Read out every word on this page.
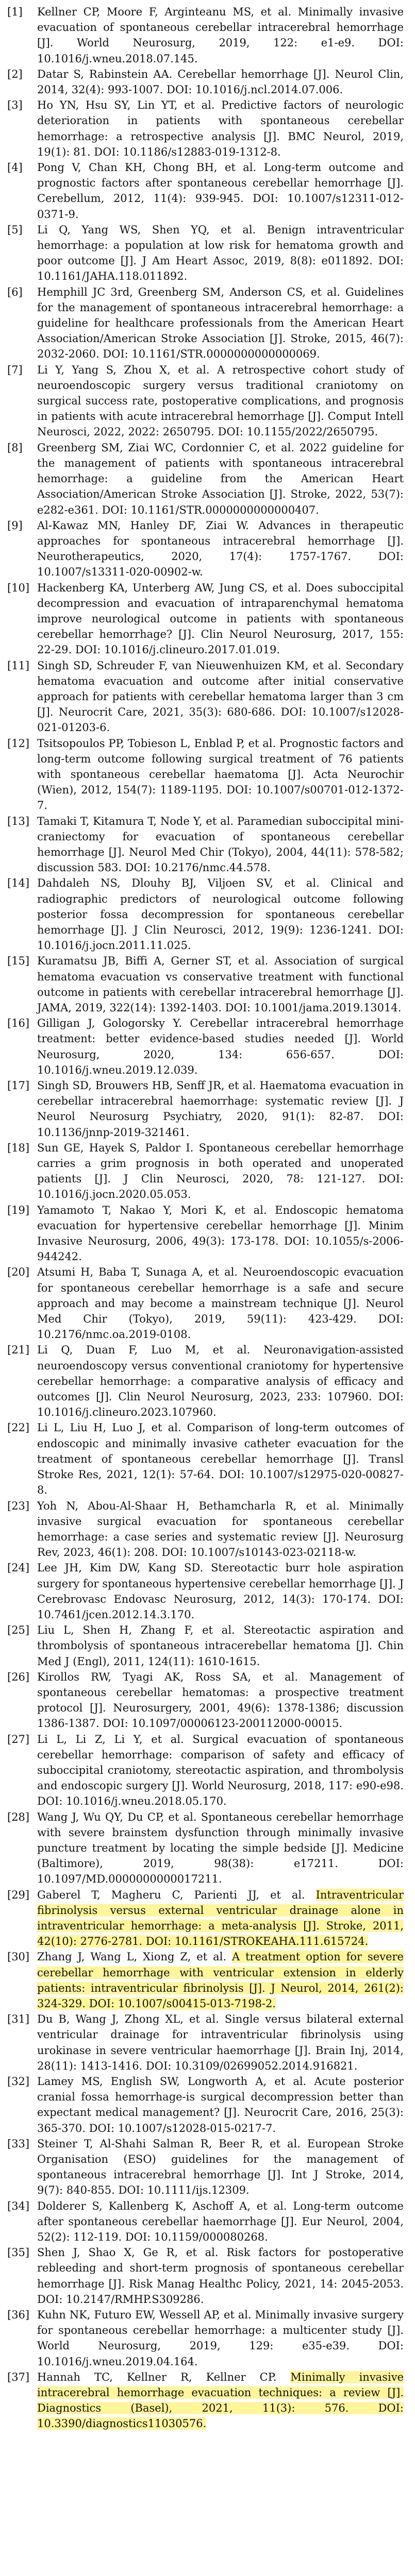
[1]	Kellner CP, Moore F, Arginteanu MS, et al. Minimally invasive evacuation of spontaneous cerebellar intracerebral hemorrhage [J]. World Neurosurg, 2019, 122: e1-e9. DOI: 10.1016/j.wneu.2018.07.145.
[2]	Datar S, Rabinstein AA. Cerebellar hemorrhage [J]. Neurol Clin, 2014, 32(4): 993-1007. DOI: 10.1016/j.ncl.2014.07.006.
[3]	Ho YN, Hsu SY, Lin YT, et al. Predictive factors of neurologic deterioration in patients with spontaneous cerebellar hemorrhage: a retrospective analysis [J]. BMC Neurol, 2019, 19(1): 81. DOI: 10.1186/s12883-019-1312-8.
[4]	Pong V, Chan KH, Chong BH, et al. Long-term outcome and prognostic factors after spontaneous cerebellar hemorrhage [J]. Cerebellum, 2012, 11(4): 939-945. DOI: 10.1007/s12311-012-0371-9.
[5]	Li Q, Yang WS, Shen YQ, et al. Benign intraventricular hemorrhage: a population at low risk for hematoma growth and poor outcome [J]. J Am Heart Assoc, 2019, 8(8): e011892. DOI: 10.1161/JAHA.118.011892.
[6]	Hemphill JC 3rd, Greenberg SM, Anderson CS, et al. Guidelines for the management of spontaneous intracerebral hemorrhage: a guideline for healthcare professionals from the American Heart Association/American Stroke Association [J]. Stroke, 2015, 46(7): 2032-2060. DOI: 10.1161/STR.0000000000000069.
[7]	Li Y, Yang S, Zhou X, et al. A retrospective cohort study of neuroendoscopic surgery versus traditional craniotomy on surgical success rate, postoperative complications, and prognosis in patients with acute intracerebral hemorrhage [J]. Comput Intell Neurosci, 2022, 2022: 2650795. DOI: 10.1155/2022/2650795.
[8]	Greenberg SM, Ziai WC, Cordonnier C, et al. 2022 guideline for the management of patients with spontaneous intracerebral hemorrhage: a guideline from the American Heart Association/American Stroke Association [J]. Stroke, 2022, 53(7): e282-e361. DOI: 10.1161/STR.0000000000000407.
[9]	Al-Kawaz MN, Hanley DF, Ziai W. Advances in therapeutic approaches for spontaneous intracerebral hemorrhage [J]. Neurotherapeutics, 2020, 17(4): 1757-1767. DOI: 10.1007/s13311-020-00902-w.
[10] Hackenberg KA, Unterberg AW, Jung CS, et al. Does suboccipital decompression and evacuation of intraparenchymal hematoma improve neurological outcome in patients with spontaneous cerebellar hemorrhage? [J]. Clin Neurol Neurosurg, 2017, 155: 22-29. DOI: 10.1016/j.clineuro.2017.01.019.
[11] Singh SD, Schreuder F, van Nieuwenhuizen KM, et al. Secondary hematoma evacuation and outcome after initial conservative approach for patients with cerebellar hematoma larger than 3 cm [J]. Neurocrit Care, 2021, 35(3): 680-686. DOI: 10.1007/s12028-021-01203-6.
[12] Tsitsopoulos PP, Tobieson L, Enblad P, et al. Prognostic factors and long-term outcome following surgical treatment of 76 patients with spontaneous cerebellar haematoma [J]. Acta Neurochir (Wien), 2012, 154(7): 1189-1195. DOI: 10.1007/s00701-012-1372-7.
[13] Tamaki T, Kitamura T, Node Y, et al. Paramedian suboccipital mini-craniectomy for evacuation of spontaneous cerebellar hemorrhage [J]. Neurol Med Chir (Tokyo), 2004, 44(11): 578-582; discussion 583. DOI: 10.2176/nmc.44.578.
[14] Dahdaleh NS, Dlouhy BJ, Viljoen SV, et al. Clinical and radiographic predictors of neurological outcome following posterior fossa decompression for spontaneous cerebellar hemorrhage [J]. J Clin Neurosci, 2012, 19(9): 1236-1241. DOI: 10.1016/j.jocn.2011.11.025.
[15] Kuramatsu JB, Biffi A, Gerner ST, et al. Association of surgical hematoma evacuation vs conservative treatment with functional outcome in patients with cerebellar intracerebral hemorrhage [J]. JAMA, 2019, 322(14): 1392-1403. DOI: 10.1001/jama.2019.13014.
[16] Gilligan J, Gologorsky Y. Cerebellar intracerebral hemorrhage treatment: better evidence-based studies needed [J]. World Neurosurg, 2020, 134: 656-657. DOI: 10.1016/j.wneu.2019.12.039.
[17] Singh SD, Brouwers HB, Senff JR, et al. Haematoma evacuation in cerebellar intracerebral haemorrhage: systematic review [J]. J Neurol Neurosurg Psychiatry, 2020, 91(1): 82-87. DOI: 10.1136/jnnp-2019-321461.
[18] Sun GE, Hayek S, Paldor I. Spontaneous cerebellar hemorrhage carries a grim prognosis in both operated and unoperated patients [J]. J Clin Neurosci, 2020, 78: 121-127. DOI: 10.1016/j.jocn.2020.05.053.
[19] Yamamoto T, Nakao Y, Mori K, et al. Endoscopic hematoma evacuation for hypertensive cerebellar hemorrhage [J]. Minim Invasive Neurosurg, 2006, 49(3): 173-178. DOI: 10.1055/s-2006-944242.
[20] Atsumi H, Baba T, Sunaga A, et al. Neuroendoscopic evacuation for spontaneous cerebellar hemorrhage is a safe and secure approach and may become a mainstream technique [J]. Neurol Med Chir (Tokyo), 2019, 59(11): 423-429. DOI: 10.2176/nmc.oa.2019-0108.
[21] Li Q, Duan F, Luo M, et al. Neuronavigation-assisted neuroendoscopy versus conventional craniotomy for hypertensive cerebellar hemorrhage: a comparative analysis of efficacy and outcomes [J]. Clin Neurol Neurosurg, 2023, 233: 107960. DOI: 10.1016/j.clineuro.2023.107960.
[22] Li L, Liu H, Luo J, et al. Comparison of long-term outcomes of endoscopic and minimally invasive catheter evacuation for the treatment of spontaneous cerebellar hemorrhage [J]. Transl Stroke Res, 2021, 12(1): 57-64. DOI: 10.1007/s12975-020-00827-8.
[23] Yoh N, Abou-Al-Shaar H, Bethamcharla R, et al. Minimally invasive surgical evacuation for spontaneous cerebellar hemorrhage: a case series and systematic review [J]. Neurosurg Rev, 2023, 46(1): 208. DOI: 10.1007/s10143-023-02118-w.
[24] Lee JH, Kim DW, Kang SD. Stereotactic burr hole aspiration surgery for spontaneous hypertensive cerebellar hemorrhage [J]. J Cerebrovasc Endovasc Neurosurg, 2012, 14(3): 170-174. DOI: 10.7461/jcen.2012.14.3.170.
[25] Liu L, Shen H, Zhang F, et al. Stereotactic aspiration and thrombolysis of spontaneous intracerebellar hematoma [J]. Chin Med J (Engl), 2011, 124(11): 1610-1615.
[26] Kirollos RW, Tyagi AK, Ross SA, et al. Management of spontaneous cerebellar hematomas: a prospective treatment protocol [J]. Neurosurgery, 2001, 49(6): 1378-1386; discussion 1386-1387. DOI: 10.1097/00006123-200112000-00015.
[27] Li L, Li Z, Li Y, et al. Surgical evacuation of spontaneous cerebellar hemorrhage: comparison of safety and efficacy of suboccipital craniotomy, stereotactic aspiration, and thrombolysis and endoscopic surgery [J]. World Neurosurg, 2018, 117: e90-e98. DOI: 10.1016/j.wneu.2018.05.170.
[28] Wang J, Wu QY, Du CP, et al. Spontaneous cerebellar hemorrhage with severe brainstem dysfunction through minimally invasive puncture treatment by locating the simple bedside [J]. Medicine (Baltimore), 2019, 98(38): e17211. DOI: 10.1097/MD.0000000000017211.
[29] Gaberel T, Magheru C, Parienti JJ, et al. Intraventricular fibrinolysis versus external ventricular drainage alone in intraventricular hemorrhage: a meta-analysis [J]. Stroke, 2011, 42(10): 2776-2781. DOI: 10.1161/STROKEAHA.111.615724.
[30] Zhang J, Wang L, Xiong Z, et al. A treatment option for severe cerebellar hemorrhage with ventricular extension in elderly patients: intraventricular fibrinolysis [J]. J Neurol, 2014, 261(2): 324-329. DOI: 10.1007/s00415-013-7198-2.
[31] Du B, Wang J, Zhong XL, et al. Single versus bilateral external ventricular drainage for intraventricular fibrinolysis using urokinase in severe ventricular haemorrhage [J]. Brain Inj, 2014, 28(11): 1413-1416. DOI: 10.3109/02699052.2014.916821.
[32] Lamey MS, English SW, Longworth A, et al. Acute posterior cranial fossa hemorrhage-is surgical decompression better than expectant medical management? [J]. Neurocrit Care, 2016, 25(3): 365-370. DOI: 10.1007/s12028-015-0217-7.
[33] Steiner T, Al-Shahi Salman R, Beer R, et al. European Stroke Organisation (ESO) guidelines for the management of spontaneous intracerebral hemorrhage [J]. Int J Stroke, 2014, 9(7): 840-855. DOI: 10.1111/ijs.12309.
[34] Dolderer S, Kallenberg K, Aschoff A, et al. Long-term outcome after spontaneous cerebellar haemorrhage [J]. Eur Neurol, 2004, 52(2): 112-119. DOI: 10.1159/000080268.
[35] Shen J, Shao X, Ge R, et al. Risk factors for postoperative rebleeding and short-term prognosis of spontaneous cerebellar hemorrhage [J]. Risk Manag Healthc Policy, 2021, 14: 2045-2053. DOI: 10.2147/RMHP.S309286.
[36] Kuhn NK, Futuro EW, Wessell AP, et al. Minimally invasive surgery for spontaneous cerebellar hemorrhage: a multicenter study [J]. World Neurosurg, 2019, 129: e35-e39. DOI: 10.1016/j.wneu.2019.04.164.
[37] Hannah TC, Kellner R, Kellner CP. Minimally invasive intracerebral hemorrhage evacuation techniques: a review [J]. Diagnostics (Basel), 2021, 11(3): 576. DOI: 10.3390/diagnostics11030576.
